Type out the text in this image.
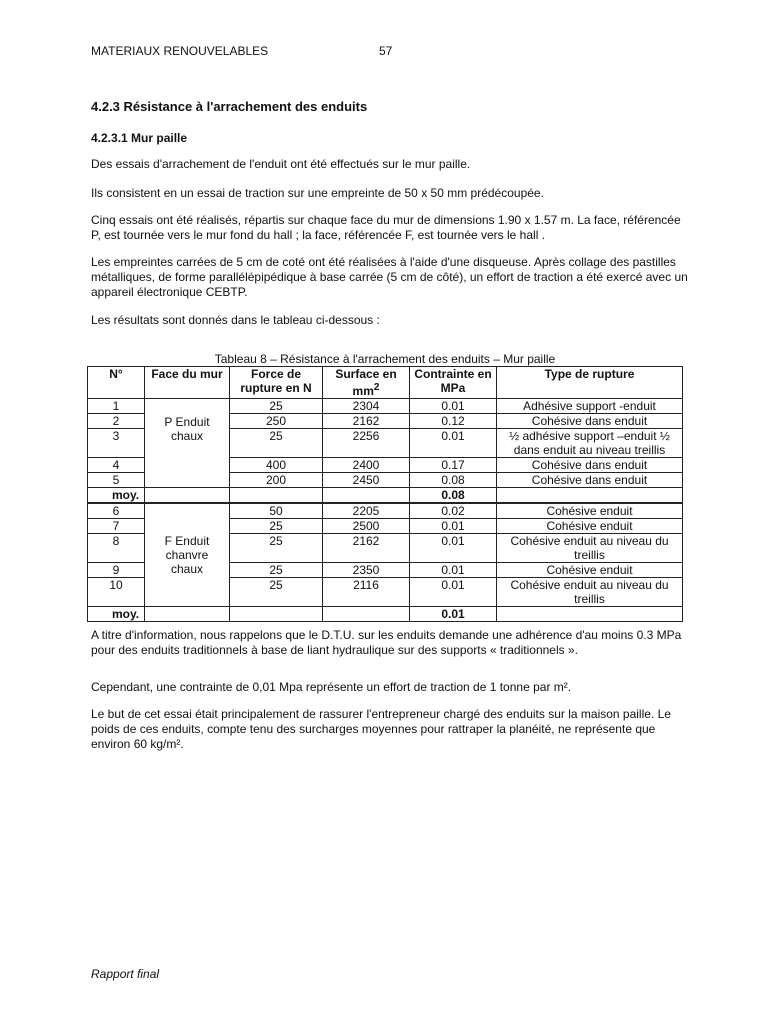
MATERIAUX RENOUVELABLES	57
4.2.3 Résistance à l'arrachement des enduits
4.2.3.1 Mur paille
Des essais d'arrachement de l'enduit ont été effectués sur le mur paille.
Ils consistent en un essai de traction sur une empreinte de 50 x 50 mm prédécoupée.
Cinq essais ont été réalisés, répartis sur chaque face du mur de dimensions 1.90 x 1.57 m. La face, référencée P, est tournée vers le mur fond du hall ; la face, référencée F, est tournée vers le hall .
Les empreintes carrées de 5 cm de coté ont été réalisées à l'aide d'une disqueuse. Après collage des pastilles métalliques, de forme parallélépipédique à base carrée (5 cm de côté), un effort de traction a été exercé avec un appareil électronique CEBTP.
Les résultats sont donnés dans le tableau ci-dessous :
Tableau 8 – Résistance à l'arrachement des enduits – Mur paille
N°	Face du mur	Force de rupture en N	Surface en $mm^2$	Contrainte en MPa	Type de rupture
1	P Enduit chaux	25	2304	0.01	Adhésive support -enduit
2		250	2162	0.12	Cohésive dans enduit
3		25	2256	0.01	½ adhésive support –enduit ½ dans enduit au niveau treillis
4		400	2400	0.17	Cohésive dans enduit
5		200	2450	0.08	Cohésive dans enduit
moy.				0.08	
6	F Enduit chanvre chaux	50	2205	0.02	Cohésive enduit
7		25	2500	0.01	Cohésive enduit
8		25	2162	0.01	Cohésive enduit au niveau du treillis
9		25	2350	0.01	Cohésive enduit
10		25	2116	0.01	Cohésive enduit au niveau du treillis
moy.				0.01	
A titre d'information, nous rappelons que le D.T.U. sur les enduits demande une adhérence d'au moins 0.3 MPa pour des enduits traditionnels à base de liant hydraulique sur des supports « traditionnels ».
Cependant, une contrainte de 0,01 Mpa représente un effort de traction de 1 tonne par m².
Le but de cet essai était principalement de rassurer l'entrepreneur chargé des enduits sur la maison paille. Le poids de ces enduits, compte tenu des surcharges moyennes pour rattraper la planéité, ne représente que environ 60 kg/m².
Rapport final
